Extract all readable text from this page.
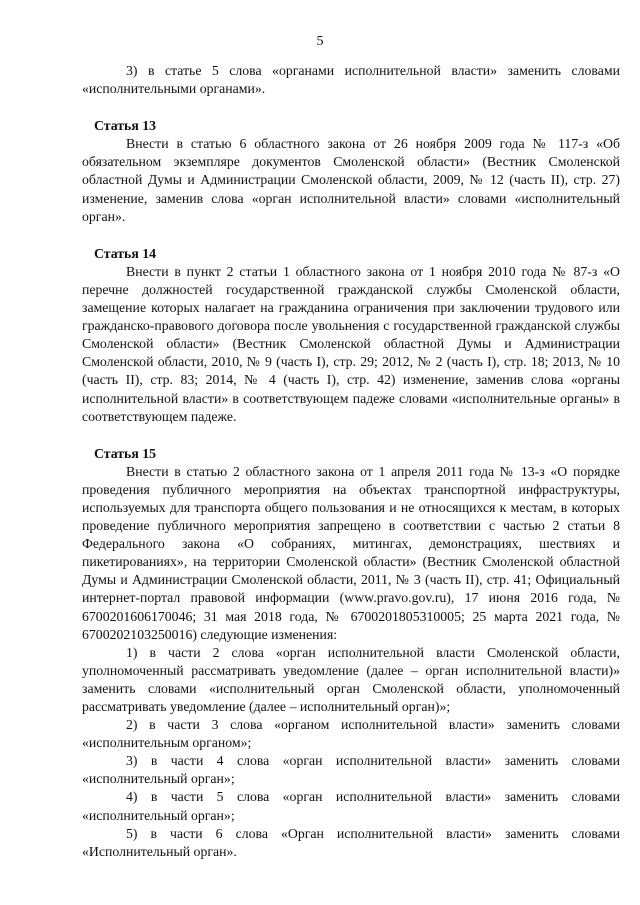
5

3) в статье 5 слова «органами исполнительной власти» заменить словами «исполнительными органами».

Статья 13

Внести в статью 6 областного закона от 26 ноября 2009 года № 117-з «Об обязательном экземпляре документов Смоленской области» (Вестник Смоленской областной Думы и Администрации Смоленской области, 2009, № 12 (часть II), стр. 27) изменение, заменив слова «орган исполнительной власти» словами «исполнительный орган».

Статья 14

Внести в пункт 2 статьи 1 областного закона от 1 ноября 2010 года № 87-з «О перечне должностей государственной гражданской службы Смоленской области, замещение которых налагает на гражданина ограничения при заключении трудового или гражданско-правового договора после увольнения с государственной гражданской службы Смоленской области» (Вестник Смоленской областной Думы и Администрации Смоленской области, 2010, № 9 (часть I), стр. 29; 2012, № 2 (часть I), стр. 18; 2013, № 10 (часть II), стр. 83; 2014, № 4 (часть I), стр. 42) изменение, заменив слова «органы исполнительной власти» в соответствующем падеже словами «исполнительные органы» в соответствующем падеже.

Статья 15

Внести в статью 2 областного закона от 1 апреля 2011 года № 13-з «О порядке проведения публичного мероприятия на объектах транспортной инфраструктуры, используемых для транспорта общего пользования и не относящихся к местам, в которых проведение публичного мероприятия запрещено в соответствии с частью 2 статьи 8 Федерального закона «О собраниях, митингах, демонстрациях, шествиях и пикетированиях», на территории Смоленской области» (Вестник Смоленской областной Думы и Администрации Смоленской области, 2011, № 3 (часть II), стр. 41; Официальный интернет-портал правовой информации (www.pravo.gov.ru), 17 июня 2016 года, № 6700201606170046; 31 мая 2018 года, № 6700201805310005; 25 марта 2021 года, № 6700202103250016) следующие изменения:

1) в части 2 слова «орган исполнительной власти Смоленской области, уполномоченный рассматривать уведомление (далее – орган исполнительной власти)» заменить словами «исполнительный орган Смоленской области, уполномоченный рассматривать уведомление (далее – исполнительный орган)»;

2) в части 3 слова «органом исполнительной власти» заменить словами «исполнительным органом»;

3) в части 4 слова «орган исполнительной власти» заменить словами «исполнительный орган»;

4) в части 5 слова «орган исполнительной власти» заменить словами «исполнительный орган»;

5) в части 6 слова «Орган исполнительной власти» заменить словами «Исполнительный орган».
